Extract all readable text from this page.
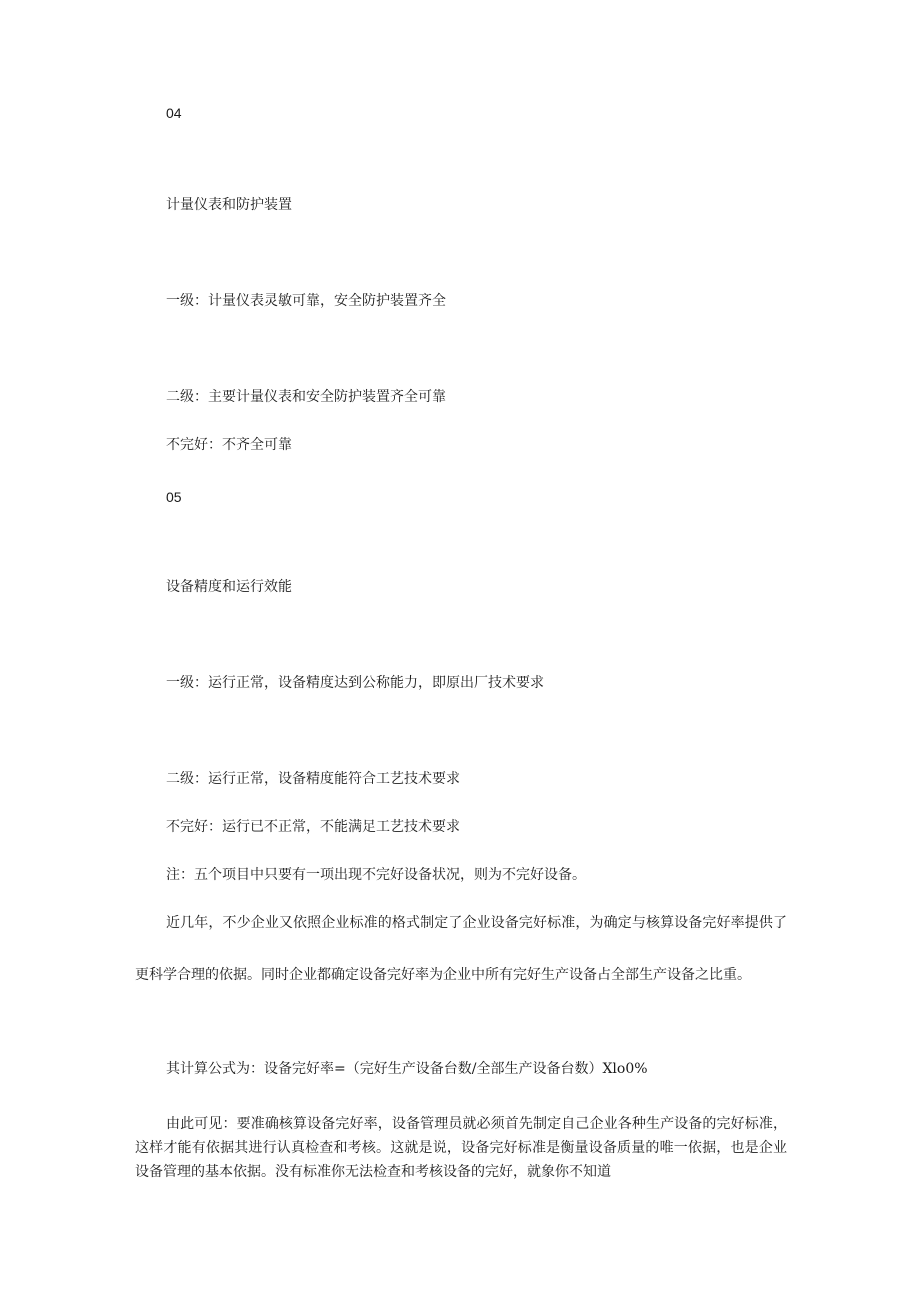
04

计量仪表和防护装置

一级：计量仪表灵敏可靠，安全防护装置齐全

二级：主要计量仪表和安全防护装置齐全可靠

不完好：不齐全可靠

05

设备精度和运行效能

一级：运行正常，设备精度达到公称能力，即原出厂技术要求

二级：运行正常，设备精度能符合工艺技术要求

不完好：运行已不正常，不能满足工艺技术要求

注：五个项目中只要有一项出现不完好设备状况，则为不完好设备。

近几年，不少企业又依照企业标准的格式制定了企业设备完好标准，为确定与核算设备完好率提供了更科学合理的依据。同时企业都确定设备完好率为企业中所有完好生产设备占全部生产设备之比重。

其计算公式为：设备完好率=（完好生产设备台数/全部生产设备台数）Xlo0%

由此可见：要准确核算设备完好率，设备管理员就必须首先制定自己企业各种生产设备的完好标准，这样才能有依据其进行认真检查和考核。这就是说，设备完好标准是衡量设备质量的唯一依据，也是企业设备管理的基本依据。没有标准你无法检查和考核设备的完好，就象你不知道
